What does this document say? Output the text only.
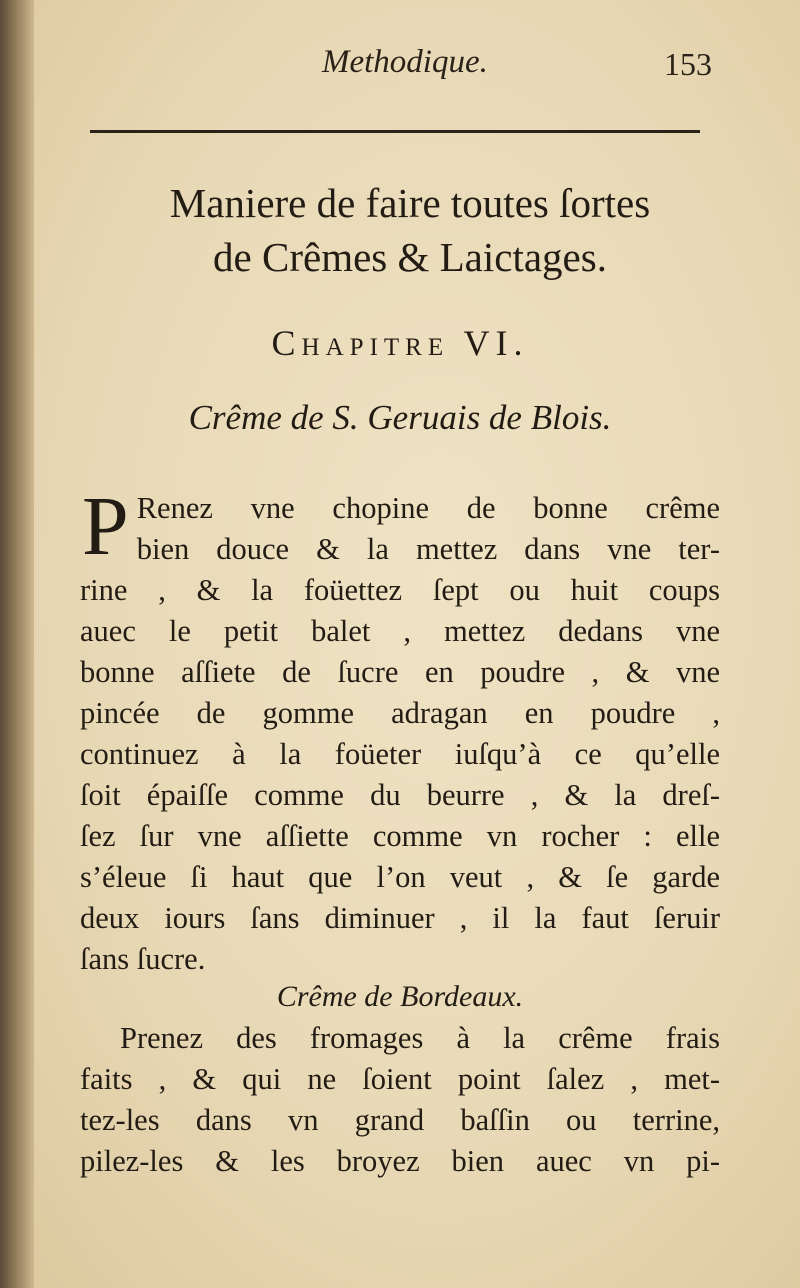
Methodique.	153
Maniere de faire toutes ſortes
de Crêmes & Laictages.
Chapitre VI.
Crême de S. Geruais de Blois.
P Renez vne chopine de bonne crême
bien douce & la mettez dans vne ter-
rine , & la foüettez ſept ou huit coups
auec le petit balet , mettez dedans vne
bonne aſſiete de ſucre en poudre , & vne
pincée de gomme adragan en poudre ,
continuez à la foüeter iuſqu’à ce qu’elle
ſoit épaiſſe comme du beurre , & la dreſ-
ſez ſur vne aſſiette comme vn rocher : elle
s’éleue ſi haut que l’on veut , & ſe garde
deux iours ſans diminuer , il la faut ſeruir
ſans ſucre.
Crême de Bordeaux.
Prenez des fromages à la crême frais
faits , & qui ne ſoient point ſalez , met-
tez-les dans vn grand baſſin ou terrine,
pilez-les & les broyez bien auec vn pi-
